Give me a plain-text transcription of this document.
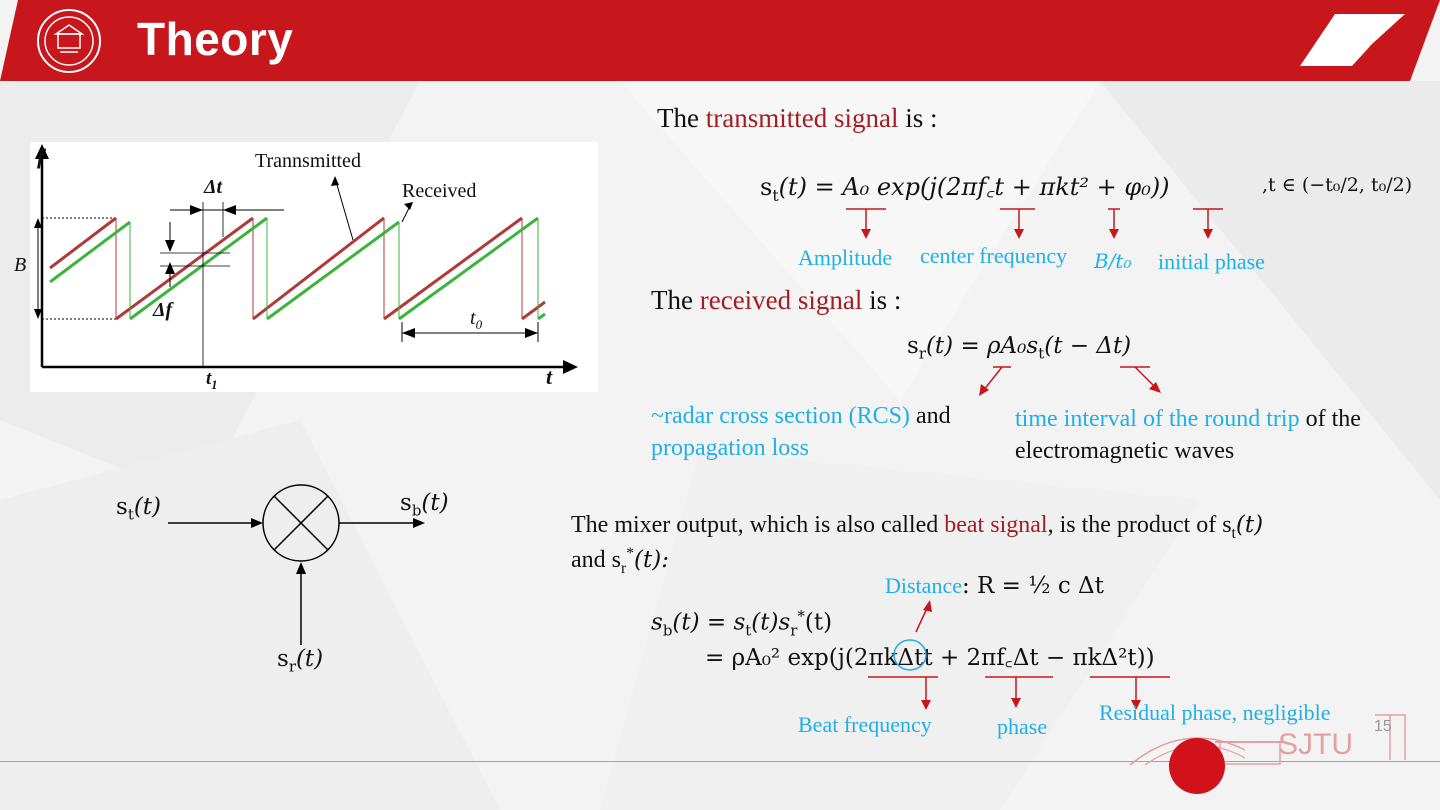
Theory
f
t
$t_1$
B
Δt
Δf	$t_0$
Trannsmitted
Received
$s_t(t)$	$s_b(t)$
$s_r(t)$
The transmitted signal is :
$s_t(t) = A_0$ exp(j(2πf꜀t + πkt² + φ₀))	,t ∈ (−t₀/2, t₀/2)
Amplitude center frequency B/t₀ initial phase
The received signal is :
$s_r(t) = \rho A_0s_t(t - \Delta t)$
~radar cross section (RCS) and
propagation loss
time interval of the round trip of the
electromagnetic waves
The mixer output, which is also called beat signal, is the product of $s_t(t)$
and $s_r^*(t)$:
Distance: R = ½ c Δt
$s_b(t) = s_t(t)s_r^*(t)$
= ρA₀² exp(j(2πkΔtt + 2πf꜀Δt − πkΔ²t))
Beat frequency	phase
Residual phase, negligible
SJTU
15
